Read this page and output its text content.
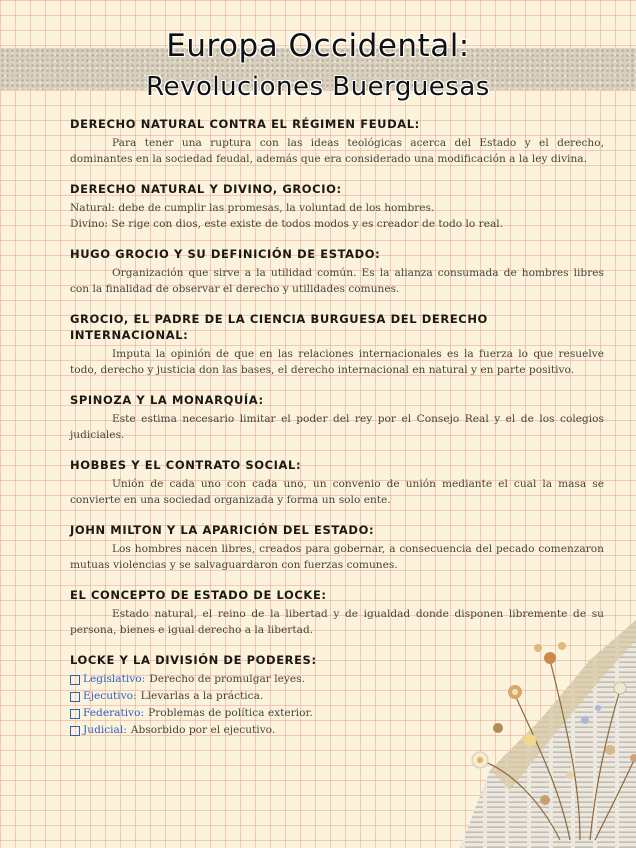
Europa Occidental:
Revoluciones Buerguesas
DERECHO NATURAL CONTRA EL RÉGIMEN FEUDAL:

Para tener una ruptura con las ideas teológicas acerca del Estado y el derecho, dominantes en la sociedad feudal, además que era considerado una modificación a la ley divina.

DERECHO NATURAL Y DIVINO, GROCIO:

Natural: debe de cumplir las promesas, la voluntad de los hombres.

Divino: Se rige con dios, este existe de todos modos y es creador de todo lo real.

HUGO GROCIO Y SU DEFINICIÓN DE ESTADO:

Organización que sirve a la utilidad común. Es la alianza consumada de hombres libres con la finalidad de observar el derecho y utilidades comunes.

GROCIO, EL PADRE DE LA CIENCIA BURGUESA DEL DERECHO INTERNACIONAL:

Imputa la opinión de que en las relaciones internacionales es la fuerza lo que resuelve todo, derecho y justicia don las bases, el derecho internacional en natural y en parte positivo.

SPINOZA Y LA MONARQUÍA:

Este estima necesario limitar el poder del rey por el Consejo Real y el de los colegios judiciales.

HOBBES Y EL CONTRATO SOCIAL:

Unión de cada uno con cada uno, un convenio de unión mediante el cual la masa se convierte en una sociedad organizada y forma un solo ente.

JOHN MILTON Y LA APARICIÓN DEL ESTADO:

Los hombres nacen libres, creados para gobernar, a consecuencia del pecado comenzaron mutuas violencias y se salvaguardaron con fuerzas comunes.

EL CONCEPTO DE ESTADO DE LOCKE:

Estado natural, el reino de la libertad y de igualdad donde disponen libremente de su persona, bienes e igual derecho a la libertad.

LOCKE Y LA DIVISIÓN DE PODERES:
Legislativo: Derecho de promulgar leyes.
Ejecutivo: Llevarlas a la práctica.
Federativo: Problemas de política exterior.
Judicial: Absorbido por el ejecutivo.
